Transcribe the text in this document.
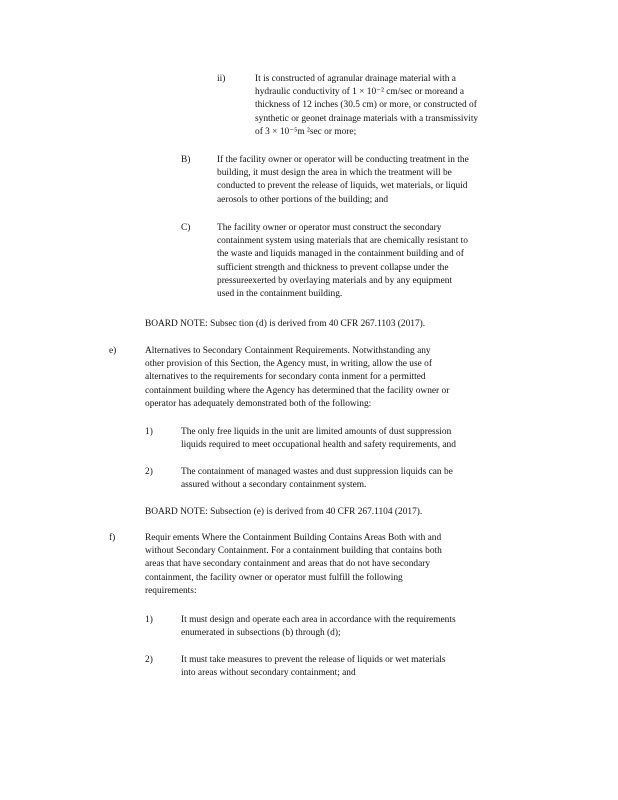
ii)	It is constructed of agranular drainage material with a
hydraulic conductivity of 1 × 10⁻² cm/sec or moreand a
thickness of 12 inches (30.5 cm) or more, or constructed of
synthetic or geonet drainage materials with a transmissivity
of 3 × 10⁻⁵m ²sec or more;
B)	If the facility owner or operator will be conducting treatment in the
building, it must design the area in which the treatment will be
conducted to prevent the release of liquids, wet materials, or liquid
aerosols to other portions of the building; and
C)	The facility owner or operator must construct the secondary
containment system using materials that are chemically resistant to
the waste and liquids managed in the containment building and of
sufficient strength and thickness to prevent collapse under the
pressureexerted by overlaying materials and by any equipment
used in the containment building.
BOARD NOTE: Subsec tion (d) is derived from 40 CFR 267.1103 (2017).
e)	Alternatives to Secondary Containment Requirements. Notwithstanding any
other provision of this Section, the Agency must, in writing, allow the use of
alternatives to the requirements for secondary conta inment for a permitted
containment building where the Agency has determined that the facility owner or
operator has adequately demonstrated both of the following:
1)	The only free liquids in the unit are limited amounts of dust suppression
liquids required to meet occupational health and safety requirements, and
2)	The containment of managed wastes and dust suppression liquids can be
assured without a secondary containment system.
BOARD NOTE: Subsection (e) is derived from 40 CFR 267.1104 (2017).
f)	Requir ements Where the Containment Building Contains Areas Both with and
without Secondary Containment. For a containment building that contains both
areas that have secondary containment and areas that do not have secondary
containment, the facility owner or operator must fulfill the following
requirements:
1)	It must design and operate each area in accordance with the requirements
enumerated in subsections (b) through (d);
2)	It must take measures to prevent the release of liquids or wet materials
into areas without secondary containment; and
